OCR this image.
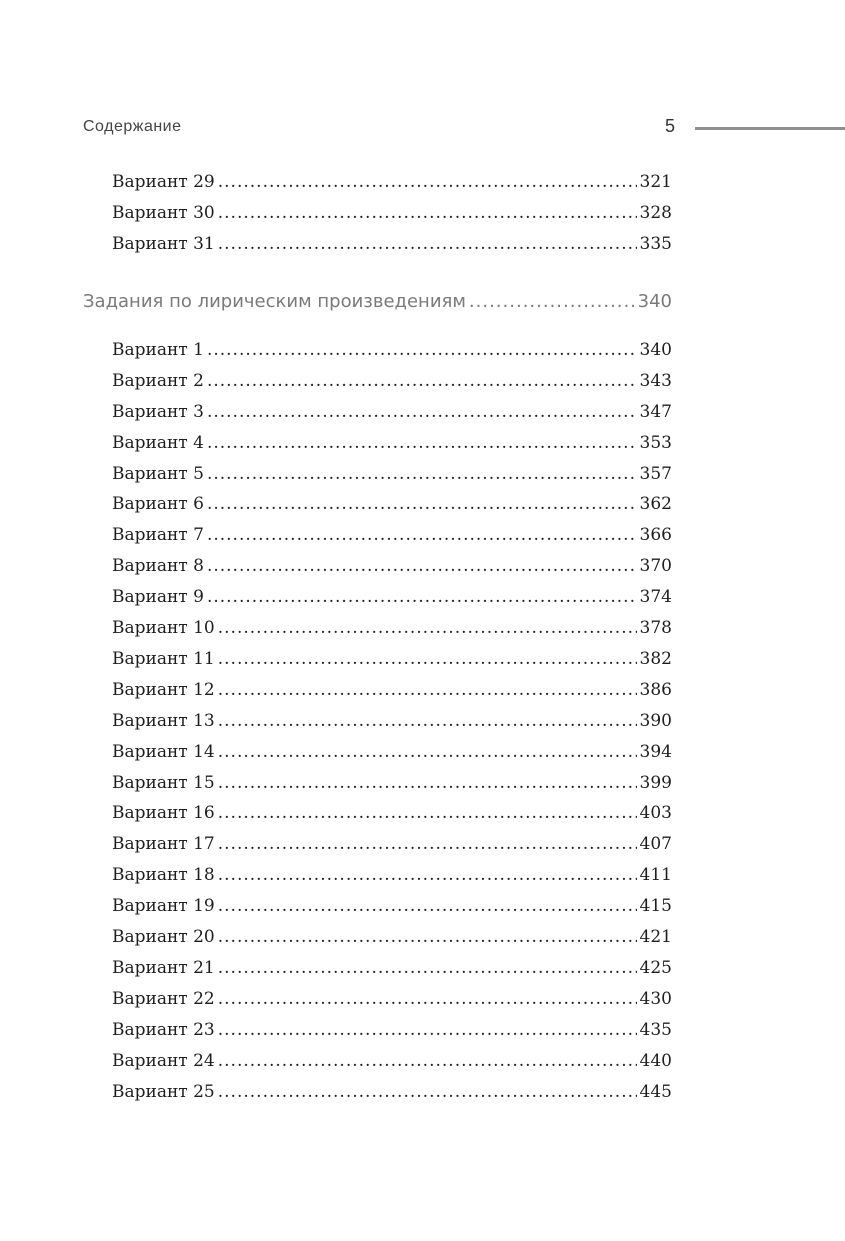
Содержание	5
Вариант 29 .....	321
Вариант 30 .....	328
Вариант 31 .....	335
Задания по лирическим произведениям .....	340
Вариант 1 .....	340
Вариант 2 .....	343
Вариант 3 .....	347
Вариант 4 .....	353
Вариант 5 .....	357
Вариант 6 .....	362
Вариант 7 .....	366
Вариант 8 .....	370
Вариант 9 .....	374
Вариант 10 .....	378
Вариант 11 .....	382
Вариант 12 .....	386
Вариант 13 .....	390
Вариант 14 .....	394
Вариант 15 .....	399
Вариант 16 .....	403
Вариант 17 .....	407
Вариант 18 .....	411
Вариант 19 .....	415
Вариант 20 .....	421
Вариант 21 .....	425
Вариант 22 .....	430
Вариант 23 .....	435
Вариант 24 .....	440
Вариант 25 .....	445
